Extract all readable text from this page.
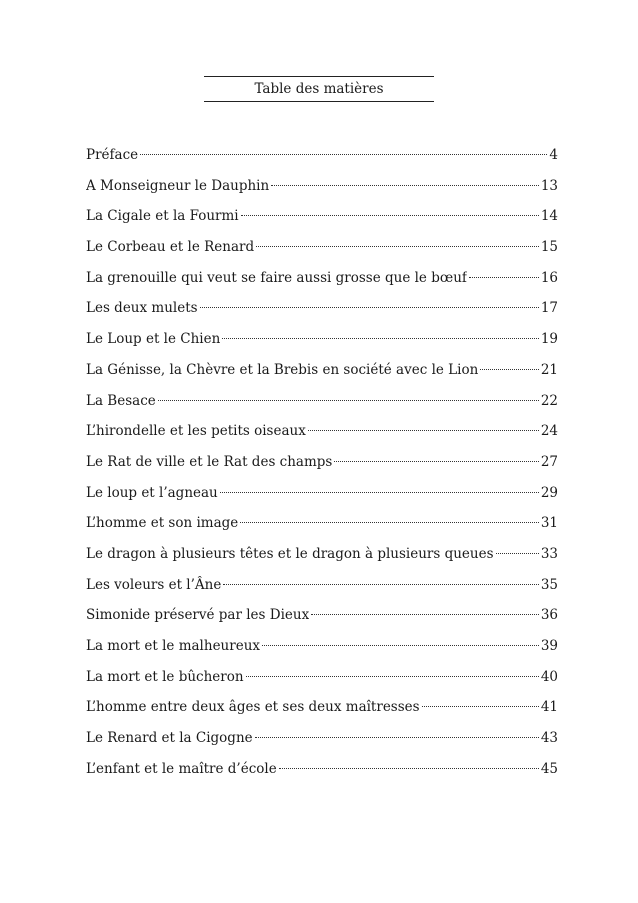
Table des matières
Préface	4
A Monseigneur le Dauphin	13
La Cigale et la Fourmi	14
Le Corbeau et le Renard	15
La grenouille qui veut se faire aussi grosse que le bœuf	16
Les deux mulets	17
Le Loup et le Chien	19
La Génisse, la Chèvre et la Brebis en société avec le Lion	21
La Besace	22
L’hirondelle et les petits oiseaux	24
Le Rat de ville et le Rat des champs	27
Le loup et l’agneau	29
L’homme et son image	31
Le dragon à plusieurs têtes et le dragon à plusieurs queues	33
Les voleurs et l’Âne	35
Simonide préservé par les Dieux	36
La mort et le malheureux	39
La mort et le bûcheron	40
L’homme entre deux âges et ses deux maîtresses	41
Le Renard et la Cigogne	43
L’enfant et le maître d’école	45
